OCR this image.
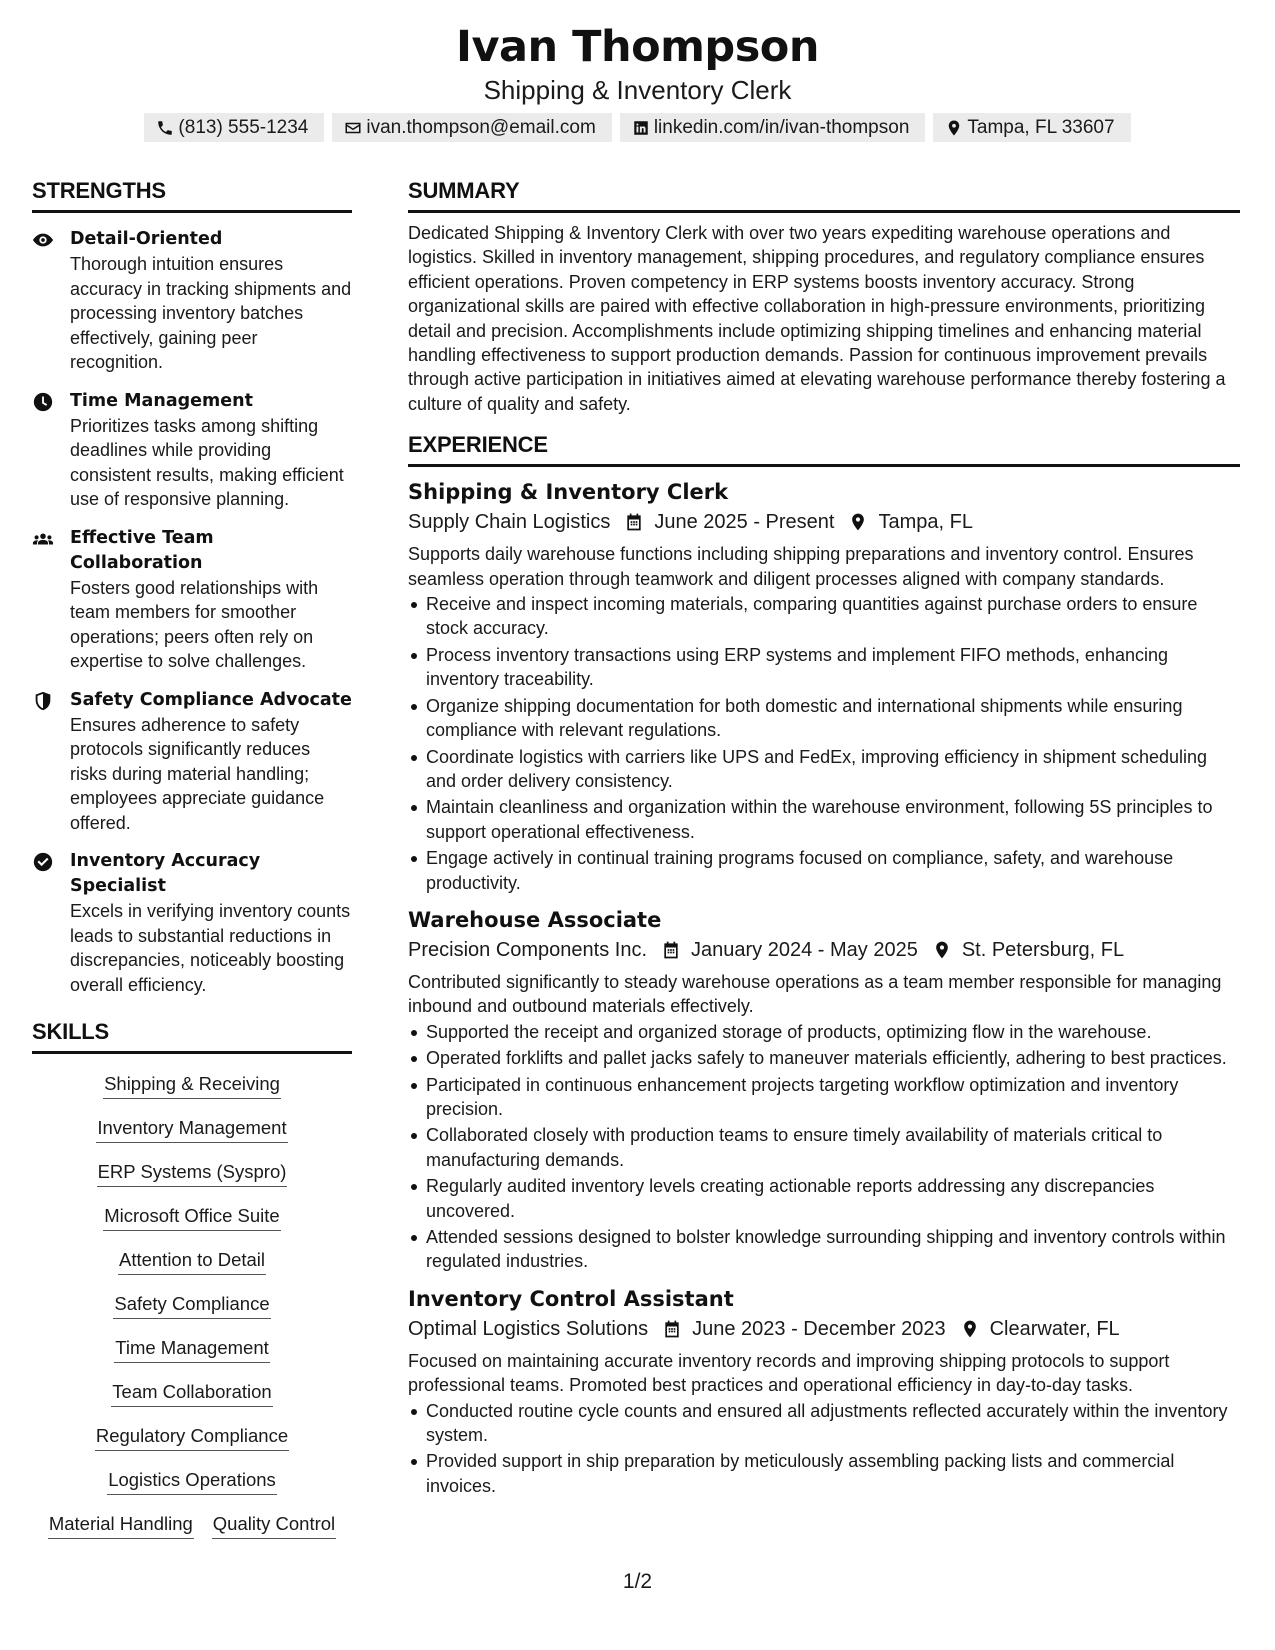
Ivan Thompson
Shipping & Inventory Clerk
(813) 555-1234	ivan.thompson@email.com	linkedin.com/in/ivan-thompson	Tampa, FL 33607
STRENGTHS
Detail-Oriented
Thorough intuition ensures accuracy in tracking shipments and processing inventory batches effectively, gaining peer recognition.
Time Management
Prioritizes tasks among shifting deadlines while providing consistent results, making efficient use of responsive planning.
Effective Team Collaboration
Fosters good relationships with team members for smoother operations; peers often rely on expertise to solve challenges.
Safety Compliance Advocate
Ensures adherence to safety protocols significantly reduces risks during material handling; employees appreciate guidance offered.
Inventory Accuracy Specialist
Excels in verifying inventory counts leads to substantial reductions in discrepancies, noticeably boosting overall efficiency.
SKILLS
Shipping & Receiving
Inventory Management
ERP Systems (Syspro)
Microsoft Office Suite
Attention to Detail
Safety Compliance
Time Management
Team Collaboration
Regulatory Compliance
Logistics Operations
Material Handling Quality Control
SUMMARY
Dedicated Shipping & Inventory Clerk with over two years expediting warehouse operations and logistics. Skilled in inventory management, shipping procedures, and regulatory compliance ensures efficient operations. Proven competency in ERP systems boosts inventory accuracy. Strong organizational skills are paired with effective collaboration in high-pressure environments, prioritizing detail and precision. Accomplishments include optimizing shipping timelines and enhancing material handling effectiveness to support production demands. Passion for continuous improvement prevails through active participation in initiatives aimed at elevating warehouse performance thereby fostering a culture of quality and safety.
EXPERIENCE
Shipping & Inventory Clerk
Supply Chain Logistics June 2025 - Present Tampa, FL
Supports daily warehouse functions including shipping preparations and inventory control. Ensures seamless operation through teamwork and diligent processes aligned with company standards.
Receive and inspect incoming materials, comparing quantities against purchase orders to ensure stock accuracy.
Process inventory transactions using ERP systems and implement FIFO methods, enhancing inventory traceability.
Organize shipping documentation for both domestic and international shipments while ensuring compliance with relevant regulations.
Coordinate logistics with carriers like UPS and FedEx, improving efficiency in shipment scheduling and order delivery consistency.
Maintain cleanliness and organization within the warehouse environment, following 5S principles to support operational effectiveness.
Engage actively in continual training programs focused on compliance, safety, and warehouse productivity.
Warehouse Associate
Precision Components Inc. January 2024 - May 2025 St. Petersburg, FL
Contributed significantly to steady warehouse operations as a team member responsible for managing inbound and outbound materials effectively.
Supported the receipt and organized storage of products, optimizing flow in the warehouse.
Operated forklifts and pallet jacks safely to maneuver materials efficiently, adhering to best practices.
Participated in continuous enhancement projects targeting workflow optimization and inventory precision.
Collaborated closely with production teams to ensure timely availability of materials critical to manufacturing demands.
Regularly audited inventory levels creating actionable reports addressing any discrepancies uncovered.
Attended sessions designed to bolster knowledge surrounding shipping and inventory controls within regulated industries.
Inventory Control Assistant
Optimal Logistics Solutions June 2023 - December 2023 Clearwater, FL
Focused on maintaining accurate inventory records and improving shipping protocols to support professional teams. Promoted best practices and operational efficiency in day-to-day tasks.
Conducted routine cycle counts and ensured all adjustments reflected accurately within the inventory system.
Provided support in ship preparation by meticulously assembling packing lists and commercial invoices.
1/2
